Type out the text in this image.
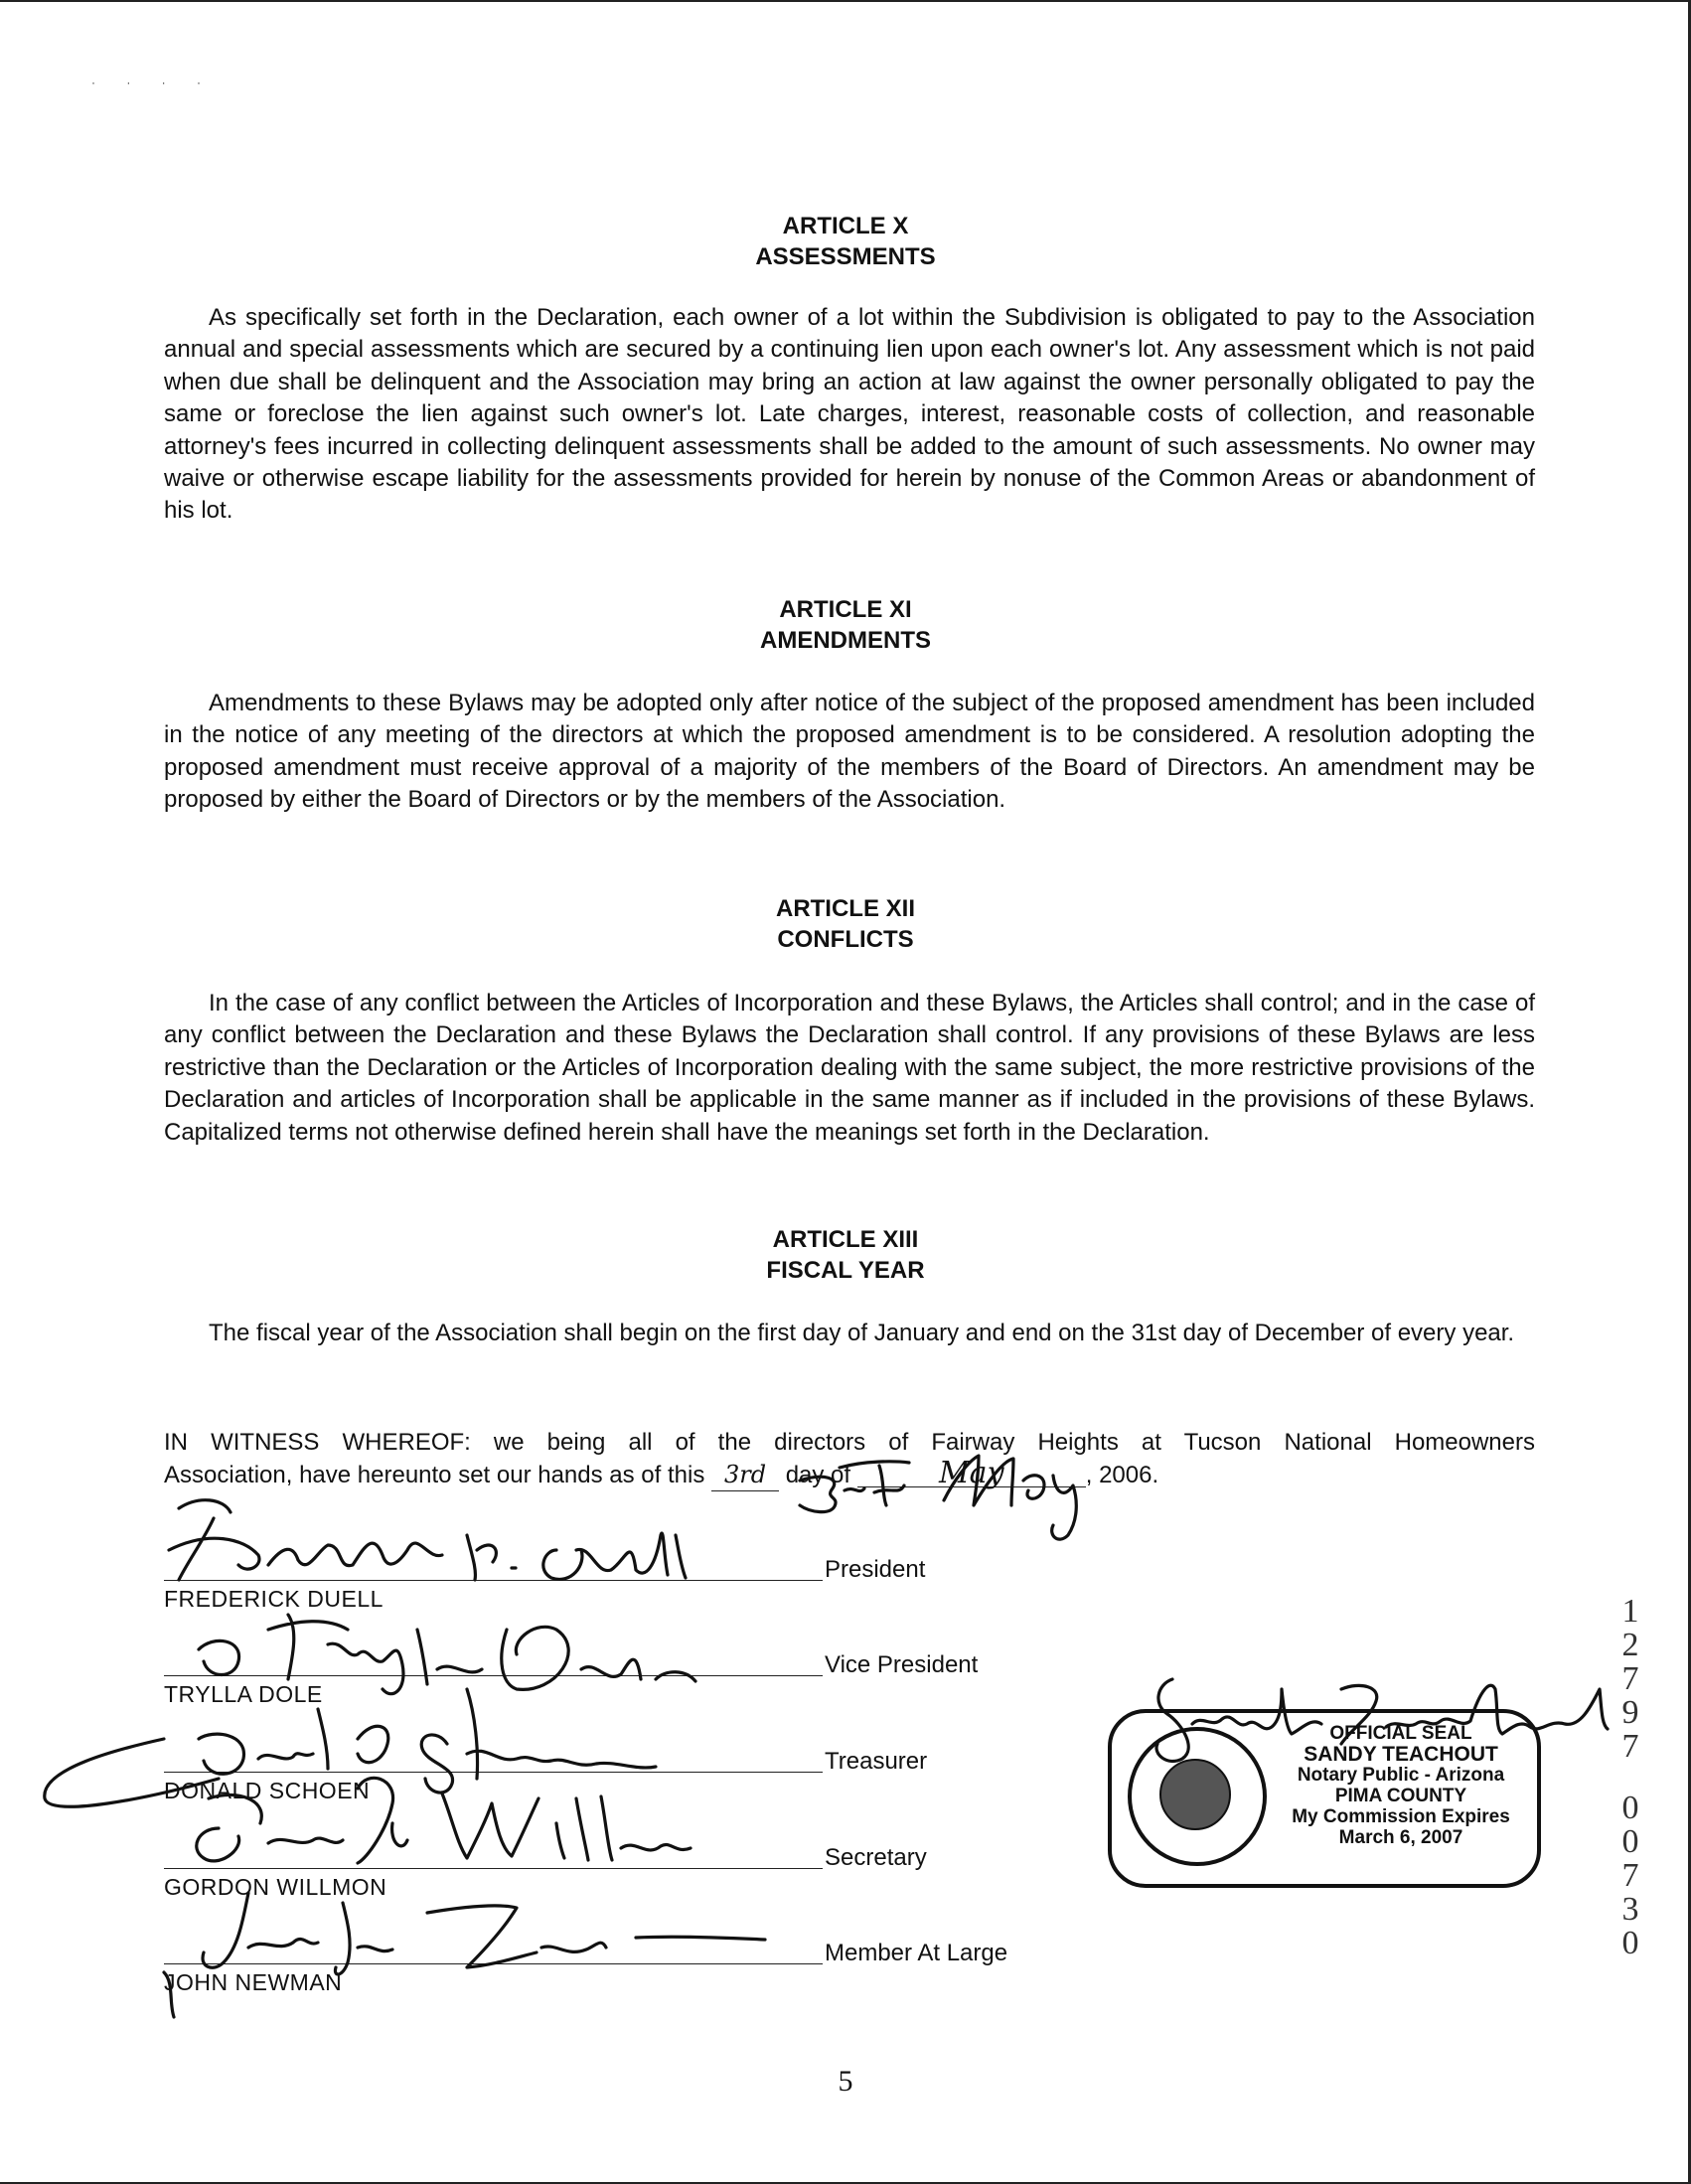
· · · ·
ARTICLE X
ASSESSMENTS
As specifically set forth in the Declaration, each owner of a lot within the Subdivision is obligated to pay to the Association annual and special assessments which are secured by a continuing lien upon each owner's lot. Any assessment which is not paid when due shall be delinquent and the Association may bring an action at law against the owner personally obligated to pay the same or foreclose the lien against such owner's lot. Late charges, interest, reasonable costs of collection, and reasonable attorney's fees incurred in collecting delinquent assessments shall be added to the amount of such assessments. No owner may waive or otherwise escape liability for the assessments provided for herein by nonuse of the Common Areas or abandonment of his lot.
ARTICLE XI
AMENDMENTS
Amendments to these Bylaws may be adopted only after notice of the subject of the proposed amendment has been included in the notice of any meeting of the directors at which the proposed amendment is to be considered. A resolution adopting the proposed amendment must receive approval of a majority of the members of the Board of Directors. An amendment may be proposed by either the Board of Directors or by the members of the Association.
ARTICLE XII
CONFLICTS
In the case of any conflict between the Articles of Incorporation and these Bylaws, the Articles shall control; and in the case of any conflict between the Declaration and these Bylaws the Declaration shall control. If any provisions of these Bylaws are less restrictive than the Declaration or the Articles of Incorporation dealing with the same subject, the more restrictive provisions of the Declaration and articles of Incorporation shall be applicable in the same manner as if included in the provisions of these Bylaws. Capitalized terms not otherwise defined herein shall have the meanings set forth in the Declaration.
ARTICLE XIII
FISCAL YEAR
The fiscal year of the Association shall begin on the first day of January and end on the 31st day of December of every year.
IN WITNESS WHEREOF: we being all of the directors of Fairway Heights at Tucson National Homeowners
Association, have hereunto set our hands as of this 3rd day of	May	, 2006.
FREDERICK DUELL
President
TRYLLA DOLE
Vice President
DONALD SCHOEN
Treasurer
GORDON WILLMON
Secretary
JOHN NEWMAN
Member At Large
OFFICIAL SEAL
SANDY TEACHOUT
Notary Public - Arizona
PIMA COUNTY
My Commission Expires
March 6, 2007
1
2
7
9
7
0
0
7
3
0
5
